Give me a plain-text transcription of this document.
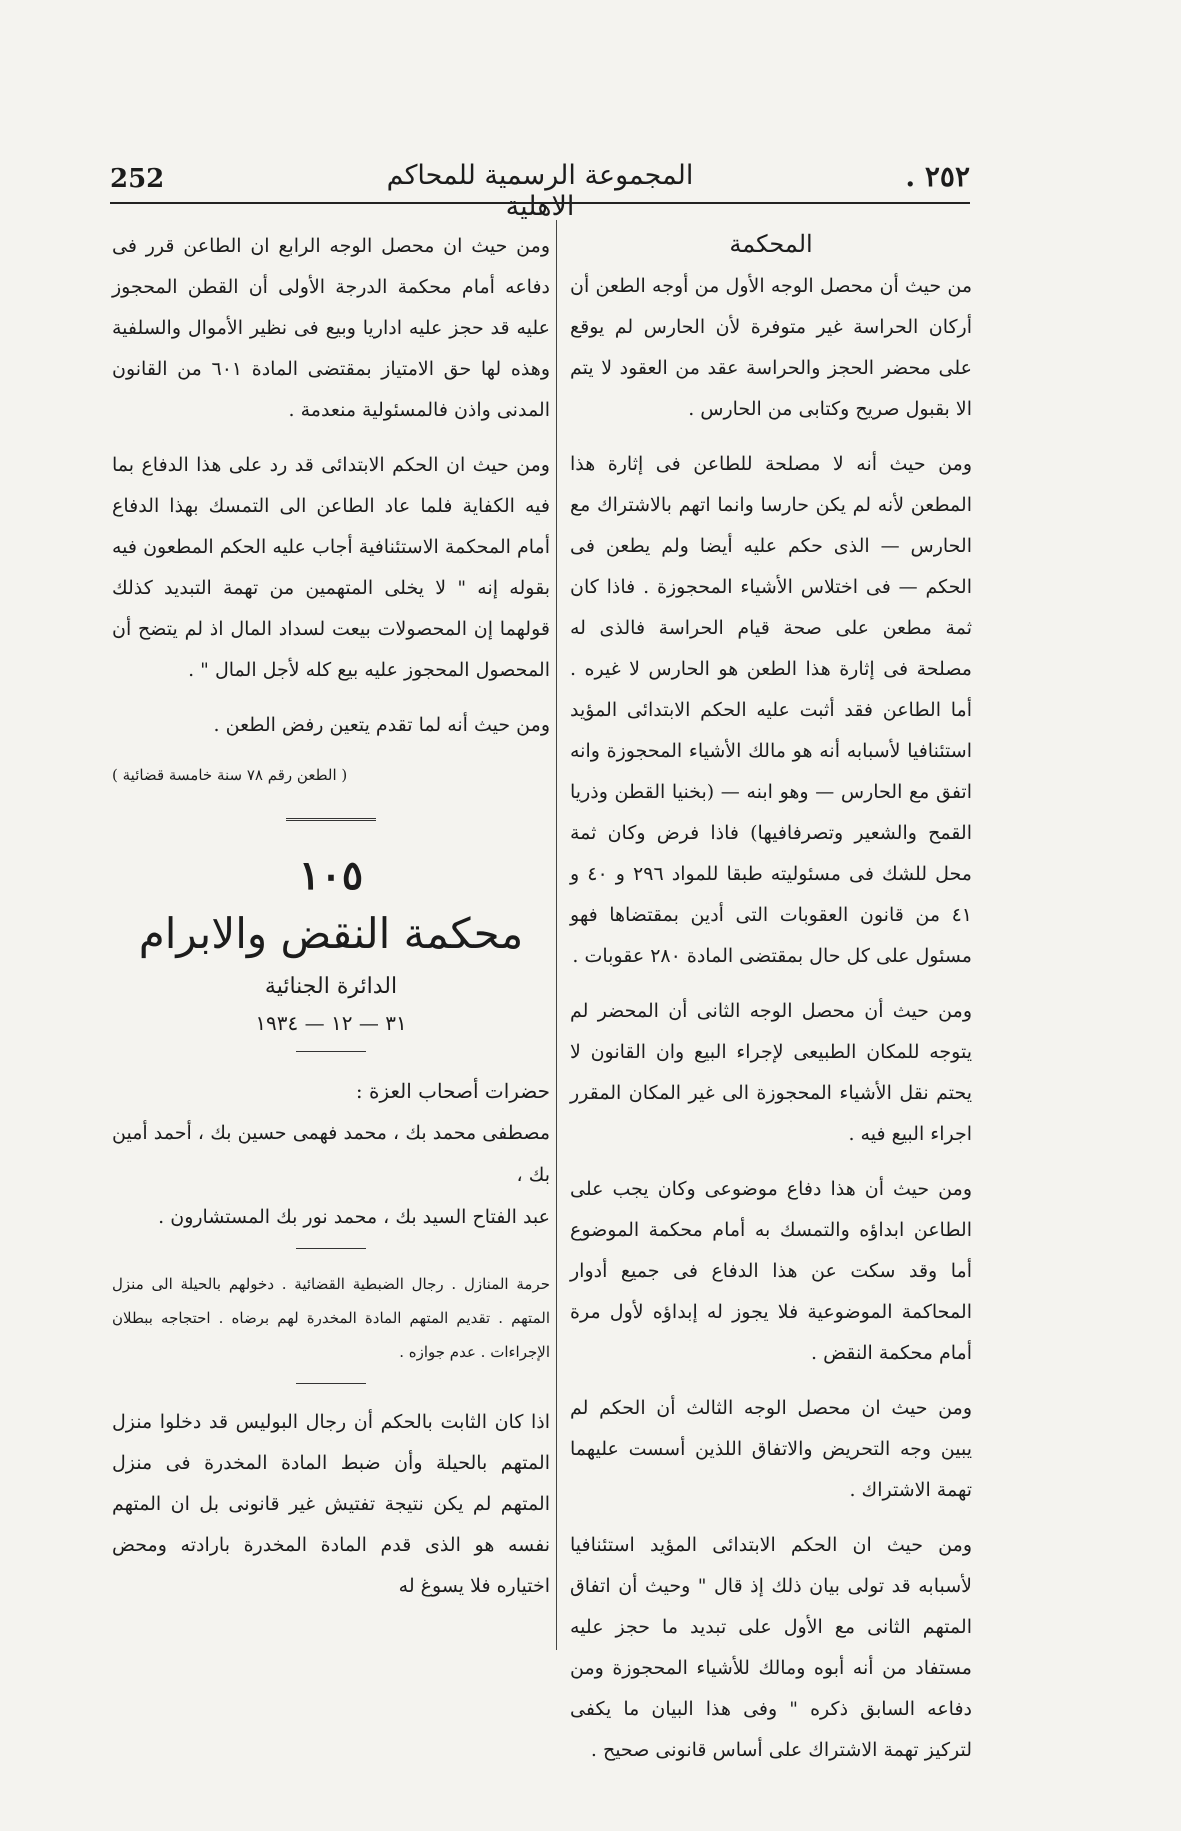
252	المجموعة الرسمية للمحاكم الاهلية
٢٥٢ .
المحكمة

من حيث أن محصل الوجه الأول من أوجه الطعن أن أركان الحراسة غير متوفرة لأن الحارس لم يوقع على محضر الحجز والحراسة عقد من العقود لا يتم الا بقبول صريح وكتابى من الحارس .

ومن حيث أنه لا مصلحة للطاعن فى إثارة هذا المطعن لأنه لم يكن حارسا وانما اتهم بالاشتراك مع الحارس — الذى حكم عليه أيضا ولم يطعن فى الحكم — فى اختلاس الأشياء المحجوزة . فاذا كان ثمة مطعن على صحة قيام الحراسة فالذى له مصلحة فى إثارة هذا الطعن هو الحارس لا غيره . أما الطاعن فقد أثبت عليه الحكم الابتدائى المؤيد استئنافيا لأسبابه أنه هو مالك الأشياء المحجوزة وانه اتفق مع الحارس — وهو ابنه — (بخنيا القطن وذريا القمح والشعير وتصرفافيها) فاذا فرض وكان ثمة محل للشك فى مسئوليته طبقا للمواد ٢٩٦ و ٤٠ و ٤١ من قانون العقوبات التى أدين بمقتضاها فهو مسئول على كل حال بمقتضى المادة ٢٨٠ عقوبات .

ومن حيث أن محصل الوجه الثانى أن المحضر لم يتوجه للمكان الطبيعى لإجراء البيع وان القانون لا يحتم نقل الأشياء المحجوزة الى غير المكان المقرر اجراء البيع فيه .

ومن حيث أن هذا دفاع موضوعى وكان يجب على الطاعن ابداؤه والتمسك به أمام محكمة الموضوع أما وقد سكت عن هذا الدفاع فى جميع أدوار المحاكمة الموضوعية فلا يجوز له إبداؤه لأول مرة أمام محكمة النقض .

ومن حيث ان محصل الوجه الثالث أن الحكم لم يبين وجه التحريض والاتفاق اللذين أسست عليهما تهمة الاشتراك .

ومن حيث ان الحكم الابتدائى المؤيد استئنافيا لأسبابه قد تولى بيان ذلك إذ قال " وحيث أن اتفاق المتهم الثانى مع الأول على تبديد ما حجز عليه مستفاد من أنه أبوه ومالك للأشياء المحجوزة ومن دفاعه السابق ذكره " وفى هذا البيان ما يكفى لتركيز تهمة الاشتراك على أساس قانونى صحيح .

ومن حيث ان محصل الوجه الرابع ان الطاعن قرر فى دفاعه أمام محكمة الدرجة الأولى أن القطن المحجوز عليه قد حجز عليه اداريا وبيع فى نظير الأموال والسلفية وهذه لها حق الامتياز بمقتضى المادة ٦٠١ من القانون المدنى واذن فالمسئولية منعدمة .

ومن حيث ان الحكم الابتدائى قد رد على هذا الدفاع بما فيه الكفاية فلما عاد الطاعن الى التمسك بهذا الدفاع أمام المحكمة الاستئنافية أجاب عليه الحكم المطعون فيه بقوله إنه " لا يخلى المتهمين من تهمة التبديد كذلك قولهما إن المحصولات بيعت لسداد المال اذ لم يتضح أن المحصول المحجوز عليه بيع كله لأجل المال " .

ومن حيث أنه لما تقدم يتعين رفض الطعن .

( الطعن رقم ٧٨ سنة خامسة قضائية )
١٠٥
محكمة النقض والابرام
الدائرة الجنائية
٣١ — ١٢ — ١٩٣٤

حضرات أصحاب العزة :

مصطفى محمد بك ، محمد فهمى حسين بك ، أحمد أمين بك ،

عبد الفتاح السيد بك ، محمد نور بك المستشارون .

حرمة المنازل . رجال الضبطية القضائية . دخولهم بالحيلة الى منزل المتهم . تقديم المتهم المادة المخدرة لهم برضاه . احتجاجه ببطلان الإجراءات . عدم جوازه .

اذا كان الثابت بالحكم أن رجال البوليس قد دخلوا منزل المتهم بالحيلة وأن ضبط المادة المخدرة فى منزل المتهم لم يكن نتيجة تفتيش غير قانونى بل ان المتهم نفسه هو الذى قدم المادة المخدرة بارادته ومحض اختياره فلا يسوغ له
